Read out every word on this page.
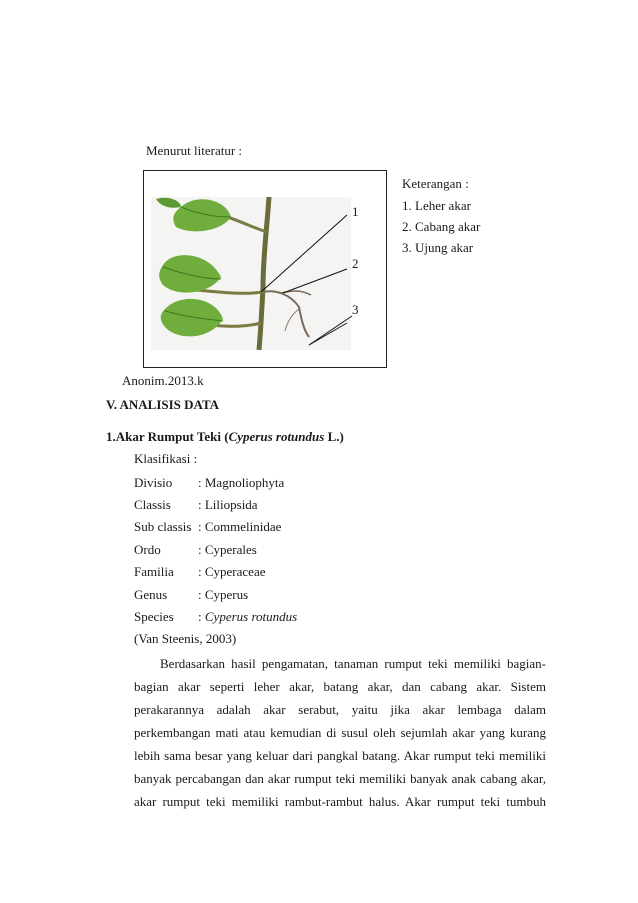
Menurut literatur :
1
2
3
Keterangan :
1. Leher akar
2. Cabang akar
3. Ujung akar
Anonim.2013.k
V. ANALISIS DATA
1.Akar Rumput Teki (Cyperus rotundus L.)
Klasifikasi :
Divisio : Magnoliophyta
Classis : Liliopsida
Sub classis : Commelinidae
Ordo	: Cyperales
Familia : Cyperaceae
Genus : Cyperus
Species : Cyperus rotundus
(Van Steenis, 2003)
Berdasarkan hasil pengamatan, tanaman rumput teki memiliki bagian-
bagian akar seperti leher akar, batang akar, dan cabang akar. Sistem
perakarannya adalah akar serabut, yaitu jika akar lembaga dalam
perkembangan mati atau kemudian di susul oleh sejumlah akar yang kurang
lebih sama besar yang keluar dari pangkal batang. Akar rumput teki memiliki
banyak percabangan dan akar rumput teki memiliki banyak anak cabang akar,
akar rumput teki memiliki rambut-rambut halus. Akar rumput teki tumbuh
